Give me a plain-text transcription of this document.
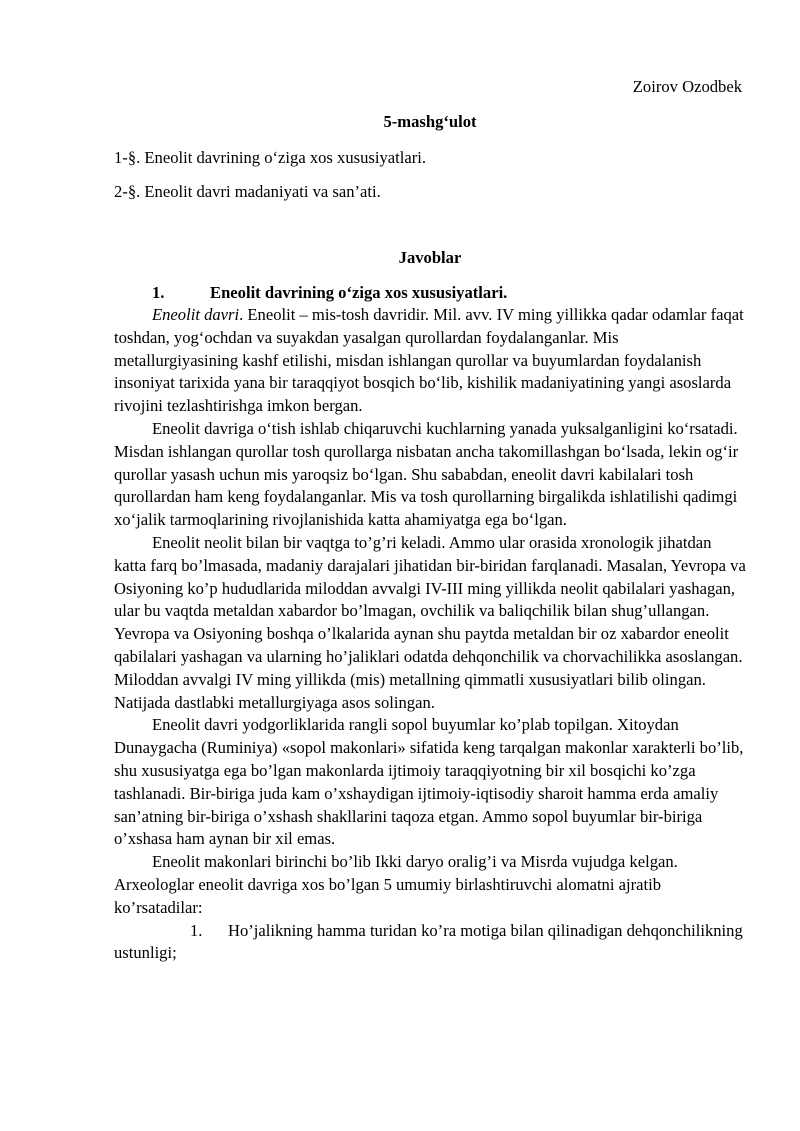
Zoirov Ozodbek
5-mashg‘ulot
1-§. Eneolit davrining o‘ziga xos xususiyatlari.
2-§. Eneolit davri madaniyati va san’ati.
Javoblar
1.	Eneolit davrining o‘ziga xos xususiyatlari.

Eneolit davri. Eneolit – mis-tosh davridir. Mil. avv. IV ming yillikka qadar odamlar faqat toshdan, yog‘ochdan va suyakdan yasalgan qurollardan foydalanganlar. Mis metallurgiyasining kashf etilishi, misdan ishlangan qurollar va buyumlardan foydalanish insoniyat tarixida yana bir taraqqiyot bosqich bo‘lib, kishilik madaniyatining yangi asoslarda rivojini tezlashtirishga imkon bergan.

Eneolit davriga o‘tish ishlab chiqaruvchi kuchlarning yanada yuksalganligini ko‘rsatadi. Misdan ishlangan qurollar tosh qurollarga nisbatan ancha takomillashgan bo‘lsada, lekin og‘ir qurollar yasash uchun mis yaroqsiz bo‘lgan. Shu sababdan, eneolit davri kabilalari tosh qurollardan ham keng foydalanganlar. Mis va tosh qurollarning birgalikda ishlatilishi qadimgi xo‘jalik tarmoqlarining rivojlanishida katta ahamiyatga ega bo‘lgan.

Eneolit neolit bilan bir vaqtga to’g’ri keladi. Ammo ular orasida xronologik jihatdan katta farq bo’lmasada, madaniy darajalari jihatidan bir-biridan farqlanadi. Masalan, Yevropa va Osiyoning ko’p hududlarida miloddan avvalgi IV-III ming yillikda neolit qabilalari yashagan, ular bu vaqtda metaldan xabardor bo’lmagan, ovchilik va baliqchilik bilan shug’ullangan. Yevropa va Osiyoning boshqa o’lkalarida aynan shu paytda metaldan bir oz xabardor eneolit qabilalari yashagan va ularning ho’jaliklari odatda dehqonchilik va chorvachilikka asoslangan. Miloddan avvalgi IV ming yillikda (mis) metallning qimmatli xususiyatlari bilib olingan. Natijada dastlabki metallurgiyaga asos solingan.

Eneolit davri yodgorliklarida rangli sopol buyumlar ko’plab topilgan. Xitoydan Dunaygacha (Ruminiya) «sopol makonlari» sifatida keng tarqalgan makonlar xarakterli bo’lib, shu xususiyatga ega bo’lgan makonlarda ijtimoiy taraqqiyotning bir xil bosqichi ko’zga tashlanadi. Bir-biriga juda kam o’xshaydigan ijtimoiy-iqtisodiy sharoit hamma erda amaliy san’atning bir-biriga o’xshash shakllarini taqoza etgan. Ammo sopol buyumlar bir-biriga o’xshasa ham aynan bir xil emas.

Eneolit makonlari birinchi bo’lib Ikki daryo oralig’i va Misrda vujudga kelgan. Arxeologlar eneolit davriga xos bo’lgan 5 umumiy birlashtiruvchi alomatni ajratib ko’rsatadilar:

1. Ho’jalikning hamma turidan ko’ra motiga bilan qilinadigan dehqonchilikning ustunligi;
